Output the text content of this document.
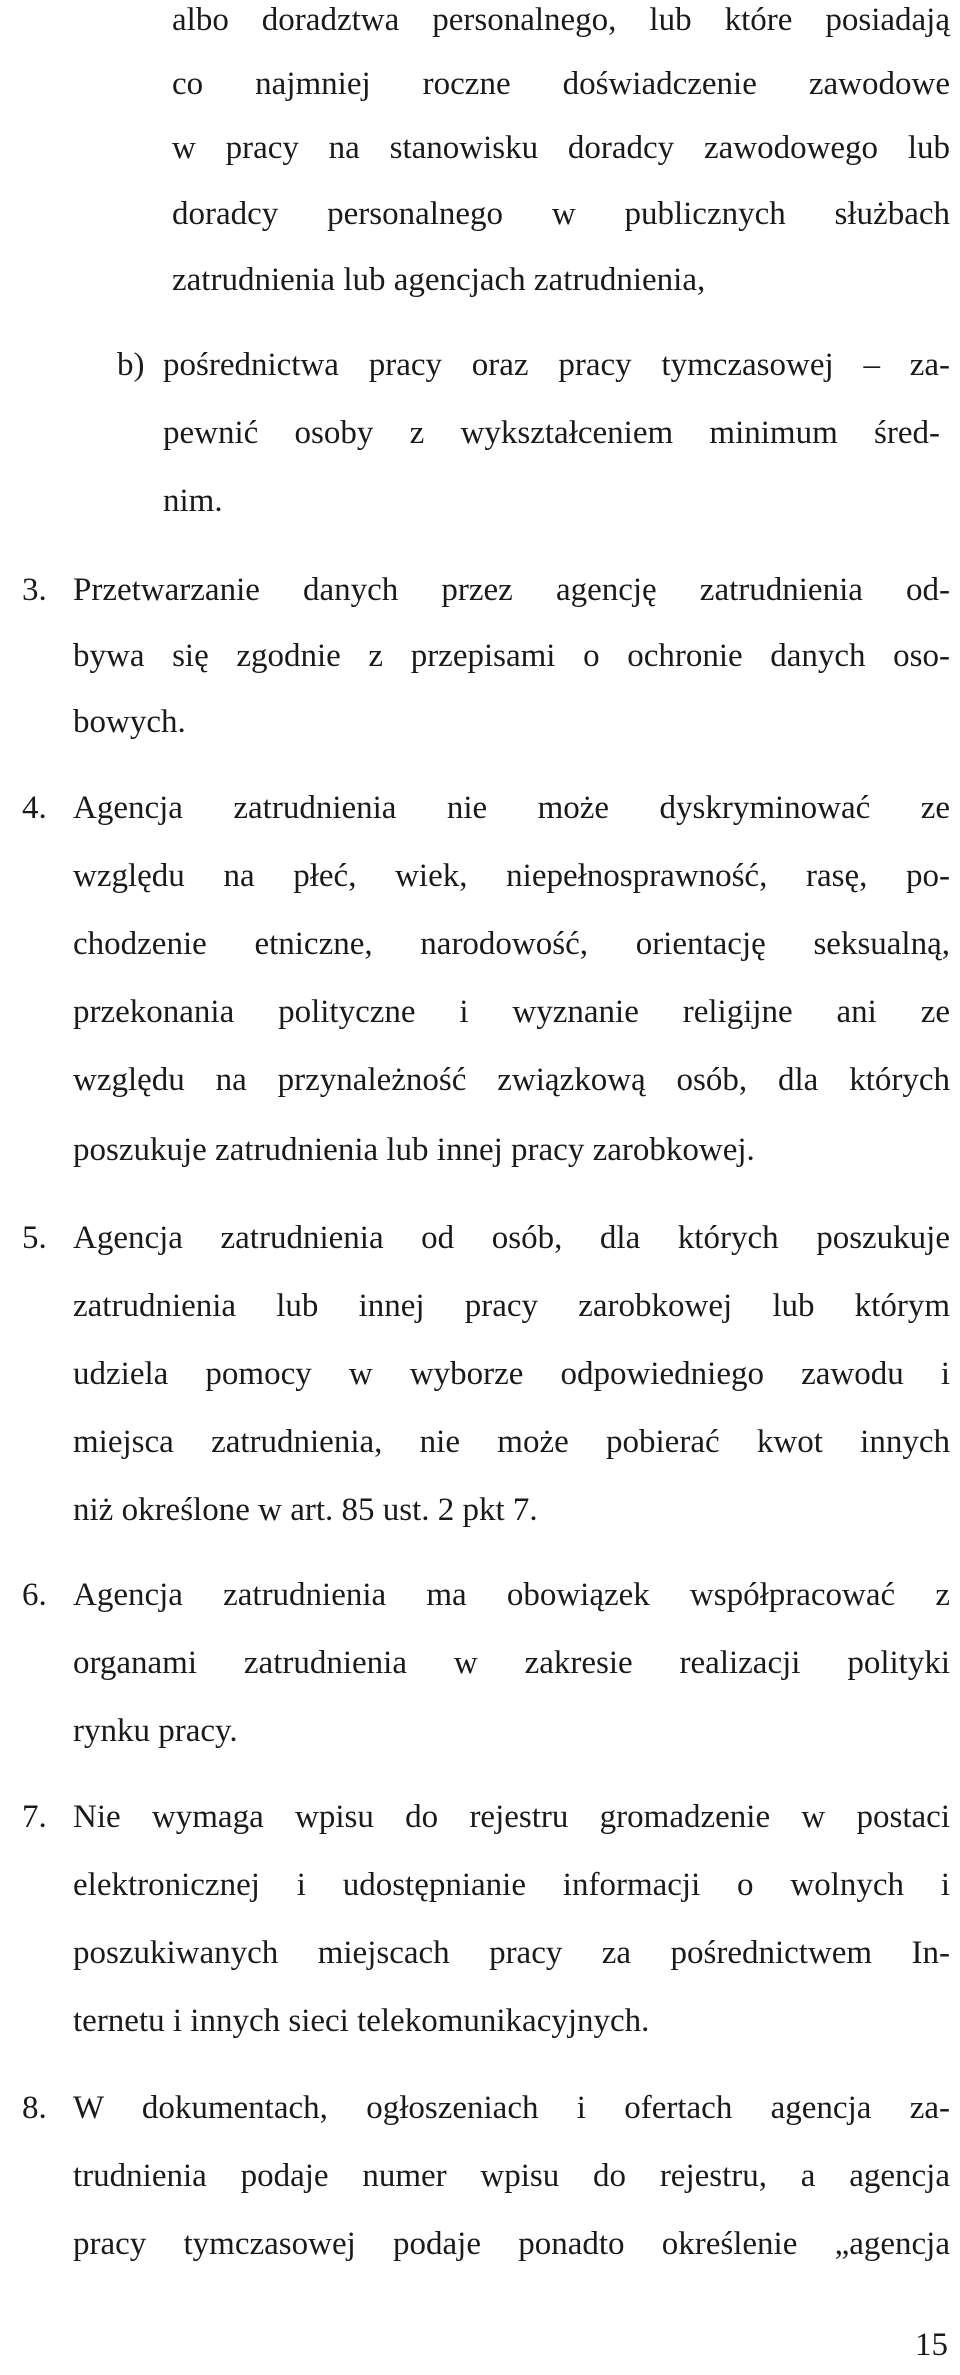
albo doradztwa personalnego, lub które posiadają
co najmniej roczne doświadczenie zawodowe
w pracy na stanowisku doradcy zawodowego lub
doradcy personalnego w publicznych służbach
zatrudnienia lub agencjach zatrudnienia,
b) pośrednictwa pracy oraz pracy tymczasowej – za-
pewnić osoby z wykształceniem minimum śred-
nim.
3. Przetwarzanie danych przez agencję zatrudnienia od-
bywa się zgodnie z przepisami o ochronie danych oso-
bowych.
4. Agencja zatrudnienia nie może dyskryminować ze
względu na płeć, wiek, niepełnosprawność, rasę, po-
chodzenie etniczne, narodowość, orientację seksualną,
przekonania polityczne i wyznanie religijne ani ze
względu na przynależność związkową osób, dla których
poszukuje zatrudnienia lub innej pracy zarobkowej.
5. Agencja zatrudnienia od osób, dla których poszukuje
zatrudnienia lub innej pracy zarobkowej lub którym
udziela pomocy w wyborze odpowiedniego zawodu i
miejsca zatrudnienia, nie może pobierać kwot innych
niż określone w art. 85 ust. 2 pkt 7.
6. Agencja zatrudnienia ma obowiązek współpracować z
organami zatrudnienia w zakresie realizacji polityki
rynku pracy.
7. Nie wymaga wpisu do rejestru gromadzenie w postaci
elektronicznej i udostępnianie informacji o wolnych i
poszukiwanych miejscach pracy za pośrednictwem In-
ternetu i innych sieci telekomunikacyjnych.
8. W dokumentach, ogłoszeniach i ofertach agencja za-
trudnienia podaje numer wpisu do rejestru, a agencja
pracy tymczasowej podaje ponadto określenie „agencja
15
